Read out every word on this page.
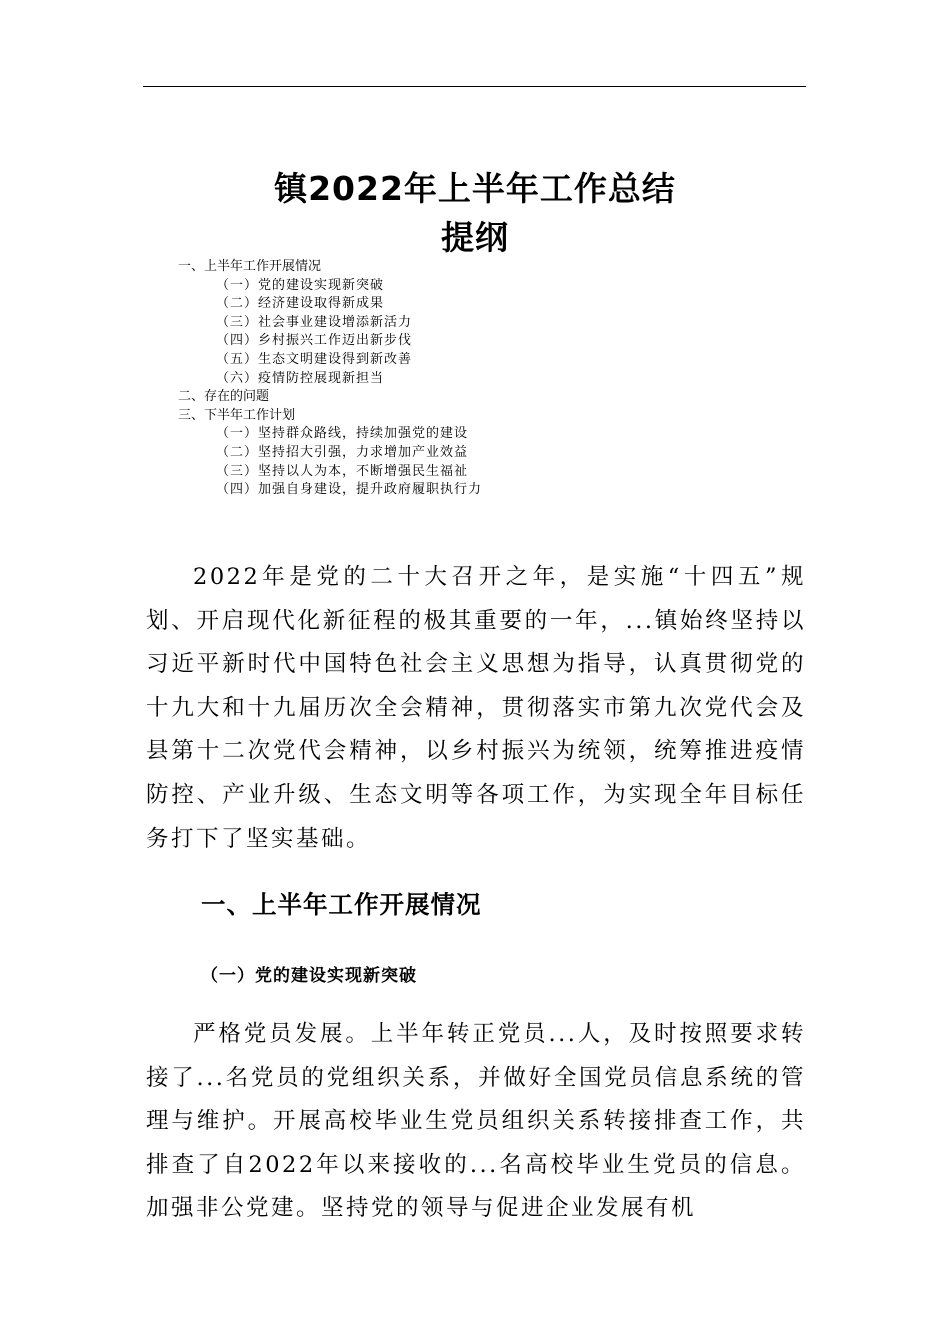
镇2022年上半年工作总结
提纲
一、上半年工作开展情况
（一）党的建设实现新突破
（二）经济建设取得新成果
（三）社会事业建设增添新活力
（四）乡村振兴工作迈出新步伐
（五）生态文明建设得到新改善
（六）疫情防控展现新担当
二、存在的问题
三、下半年工作计划
（一）坚持群众路线，持续加强党的建设
（二）坚持招大引强，力求增加产业效益
（三）坚持以人为本，不断增强民生福祉
（四）加强自身建设，提升政府履职执行力
2022年是党的二十大召开之年，是实施“十四五”规划、开启现代化新征程的极其重要的一年，...镇始终坚持以习近平新时代中国特色社会主义思想为指导，认真贯彻党的十九大和十九届历次全会精神，贯彻落实市第九次党代会及县第十二次党代会精神，以乡村振兴为统领，统筹推进疫情防控、产业升级、生态文明等各项工作，为实现全年目标任务打下了坚实基础。
一、上半年工作开展情况
（一）党的建设实现新突破
严格党员发展。上半年转正党员...人，及时按照要求转接了...名党员的党组织关系，并做好全国党员信息系统的管理与维护。开展高校毕业生党员组织关系转接排查工作，共排查了自2022年以来接收的...名高校毕业生党员的信息。加强非公党建。坚持党的领导与促进企业发展有机
